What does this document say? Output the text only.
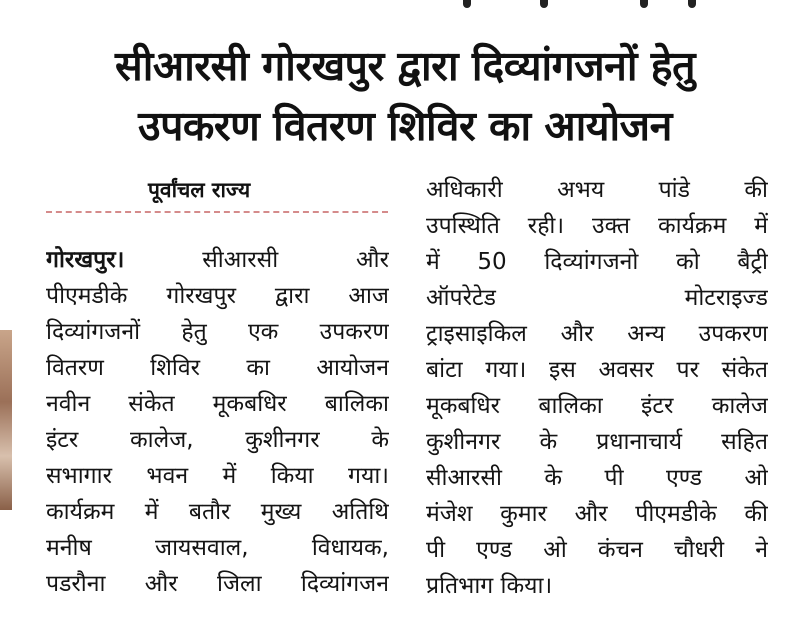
सीआरसी गोरखपुर द्वारा दिव्यांगजनों हेतु
उपकरण वितरण शिविर का आयोजन
पूर्वांचल राज्य
गोरखपुर।	सीआरसी और
पीएमडीके गोरखपुर द्वारा आज
दिव्यांगजनों हेतु एक उपकरण
वितरण शिविर का आयोजन
नवीन संकेत मूकबधिर बालिका
इंटर कालेज, कुशीनगर के
सभागार भवन में किया गया।
कार्यक्रम में बतौर मुख्य अतिथि
मनीष जायसवाल, विधायक,
पडरौना और जिला दिव्यांगजन
अधिकारी अभय पांडे की
उपस्थिति रही। उक्त कार्यक्रम में
में 50 दिव्यांगजनो को बैट्री
ऑपरेटेड मोटराइज्ड
ट्राइसाइकिल और अन्य उपकरण
बांटा गया। इस अवसर पर संकेत
मूकबधिर बालिका इंटर कालेज
कुशीनगर के प्रधानाचार्य सहित
सीआरसी के पी एण्ड ओ
मंजेश कुमार और पीएमडीके की
पी एण्ड ओ कंचन चौधरी ने
प्रतिभाग किया।
